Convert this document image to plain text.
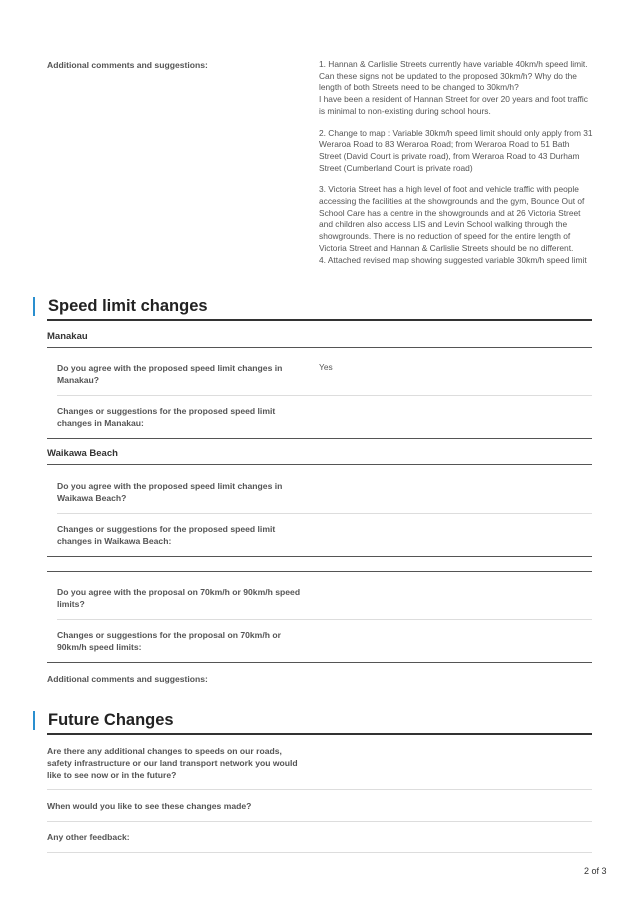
Additional comments and suggestions:	1. Hannan & Carlislie Streets currently have variable 40km/h speed limit. Can these signs not be updated to the proposed 30km/h? Why do the length of both Streets need to be changed to 30km/h?
I have been a resident of Hannan Street for over 20 years and foot traffic is minimal to non-existing during school hours.
2. Change to map : Variable 30km/h speed limit should only apply from 31 Weraroa Road to 83 Weraroa Road; from Weraroa Road to 51 Bath Street (David Court is private road), from Weraroa Road to 43 Durham Street (Cumberland Court is private road)
3. Victoria Street has a high level of foot and vehicle traffic with people accessing the facilities at the showgrounds and the gym, Bounce Out of School Care has a centre in the showgrounds and at 26 Victoria Street and children also access LIS and Levin School walking through the showgrounds. There is no reduction of speed for the entire length of Victoria Street and Hannan & Carlislie Streets should be no different.
4. Attached revised map showing suggested variable 30km/h speed limit
Speed limit changes
Manakau
Do you agree with the proposed speed limit changes in Manakau?
Yes
Changes or suggestions for the proposed speed limit changes in Manakau:
Waikawa Beach
Do you agree with the proposed speed limit changes in Waikawa Beach?
Changes or suggestions for the proposed speed limit changes in Waikawa Beach:
Do you agree with the proposal on 70km/h or 90km/h speed limits?
Changes or suggestions for the proposal on 70km/h or 90km/h speed limits:
Additional comments and suggestions:
Future Changes
Are there any additional changes to speeds on our roads, safety infrastructure or our land transport network you would like to see now or in the future?
When would you like to see these changes made?
Any other feedback:
2 of 3
